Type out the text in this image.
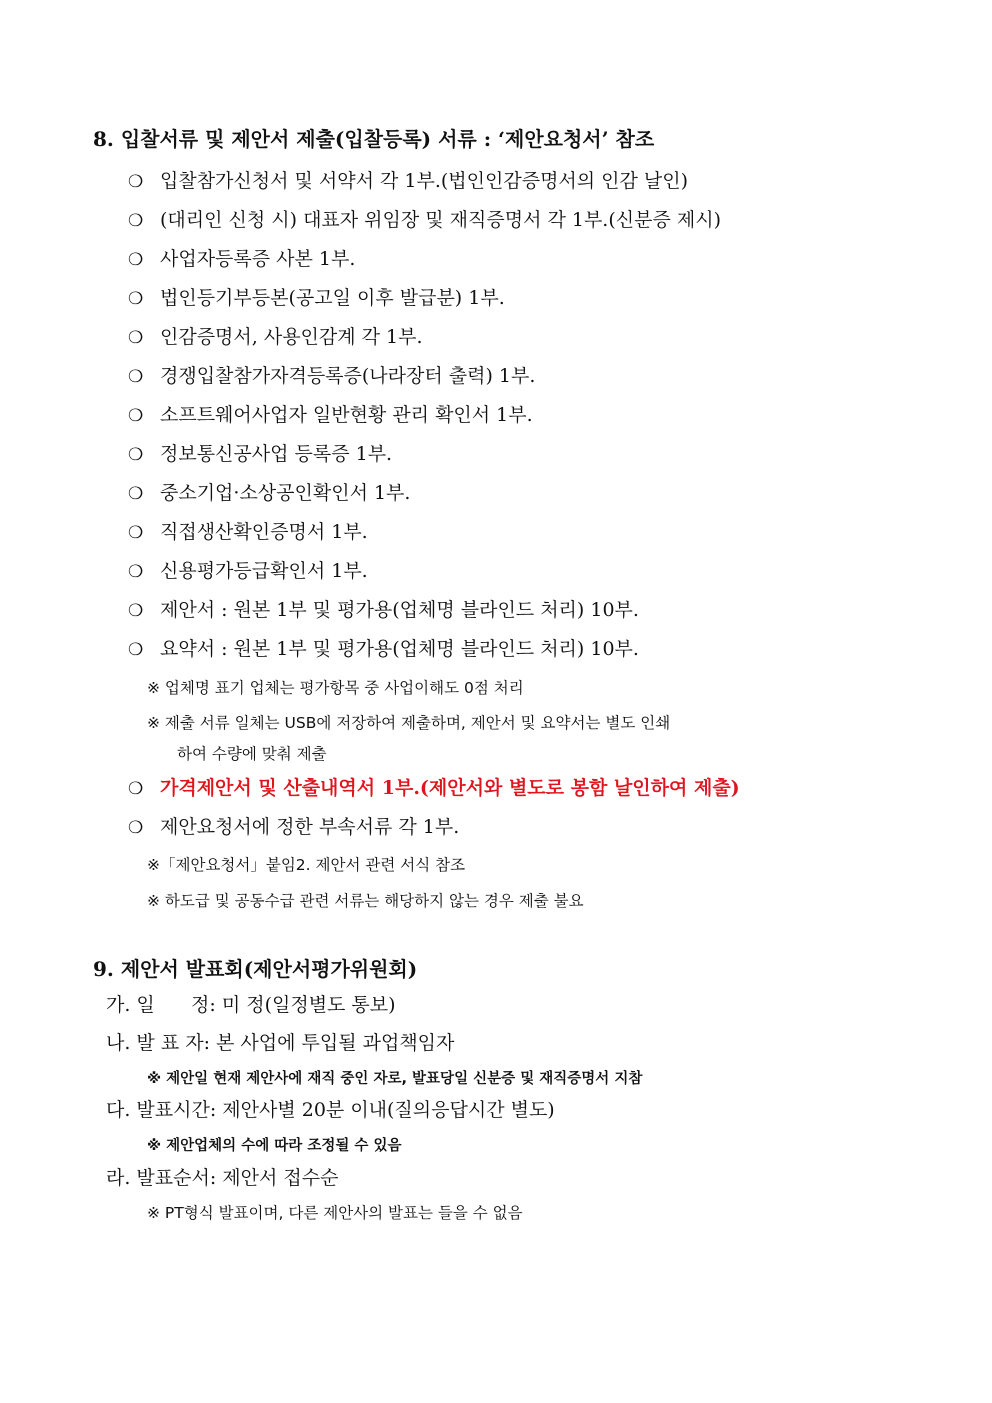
8. 입찰서류 및 제안서 제출(입찰등록) 서류 : ‘제안요청서’ 참조
❍ 입찰참가신청서 및 서약서 각 1부.(법인인감증명서의 인감 날인)
❍ (대리인 신청 시) 대표자 위임장 및 재직증명서 각 1부.(신분증 제시)
❍ 사업자등록증 사본 1부.
❍ 법인등기부등본(공고일 이후 발급분) 1부.
❍ 인감증명서, 사용인감계 각 1부.
❍ 경쟁입찰참가자격등록증(나라장터 출력) 1부.
❍ 소프트웨어사업자 일반현황 관리 확인서 1부.
❍ 정보통신공사업 등록증 1부.
❍ 중소기업·소상공인확인서 1부.
❍ 직접생산확인증명서 1부.
❍ 신용평가등급확인서 1부.
❍ 제안서 : 원본 1부 및 평가용(업체명 블라인드 처리) 10부.
❍ 요약서 : 원본 1부 및 평가용(업체명 블라인드 처리) 10부.
※ 업체명 표기 업체는 평가항목 중 사업이해도 0점 처리
※ 제출 서류 일체는 USB에 저장하여 제출하며, 제안서 및 요약서는 별도 인쇄
하여 수량에 맞춰 제출
❍ 가격제안서 및 산출내역서 1부.(제안서와 별도로 봉함 날인하여 제출)
❍ 제안요청서에 정한 부속서류 각 1부.
※「제안요청서」붙임2. 제안서 관련 서식 참조
※ 하도급 및 공동수급 관련 서류는 해당하지 않는 경우 제출 불요
9. 제안서 발표회(제안서평가위원회)
가. 일      정: 미 정(일정별도 통보)
나. 발 표 자: 본 사업에 투입될 과업책임자
※ 제안일 현재 제안사에 재직 중인 자로, 발표당일 신분증 및 재직증명서 지참
다. 발표시간: 제안사별 20분 이내(질의응답시간 별도)
※ 제안업체의 수에 따라 조정될 수 있음
라. 발표순서: 제안서 접수순
※ PT형식 발표이며, 다른 제안사의 발표는 들을 수 없음
